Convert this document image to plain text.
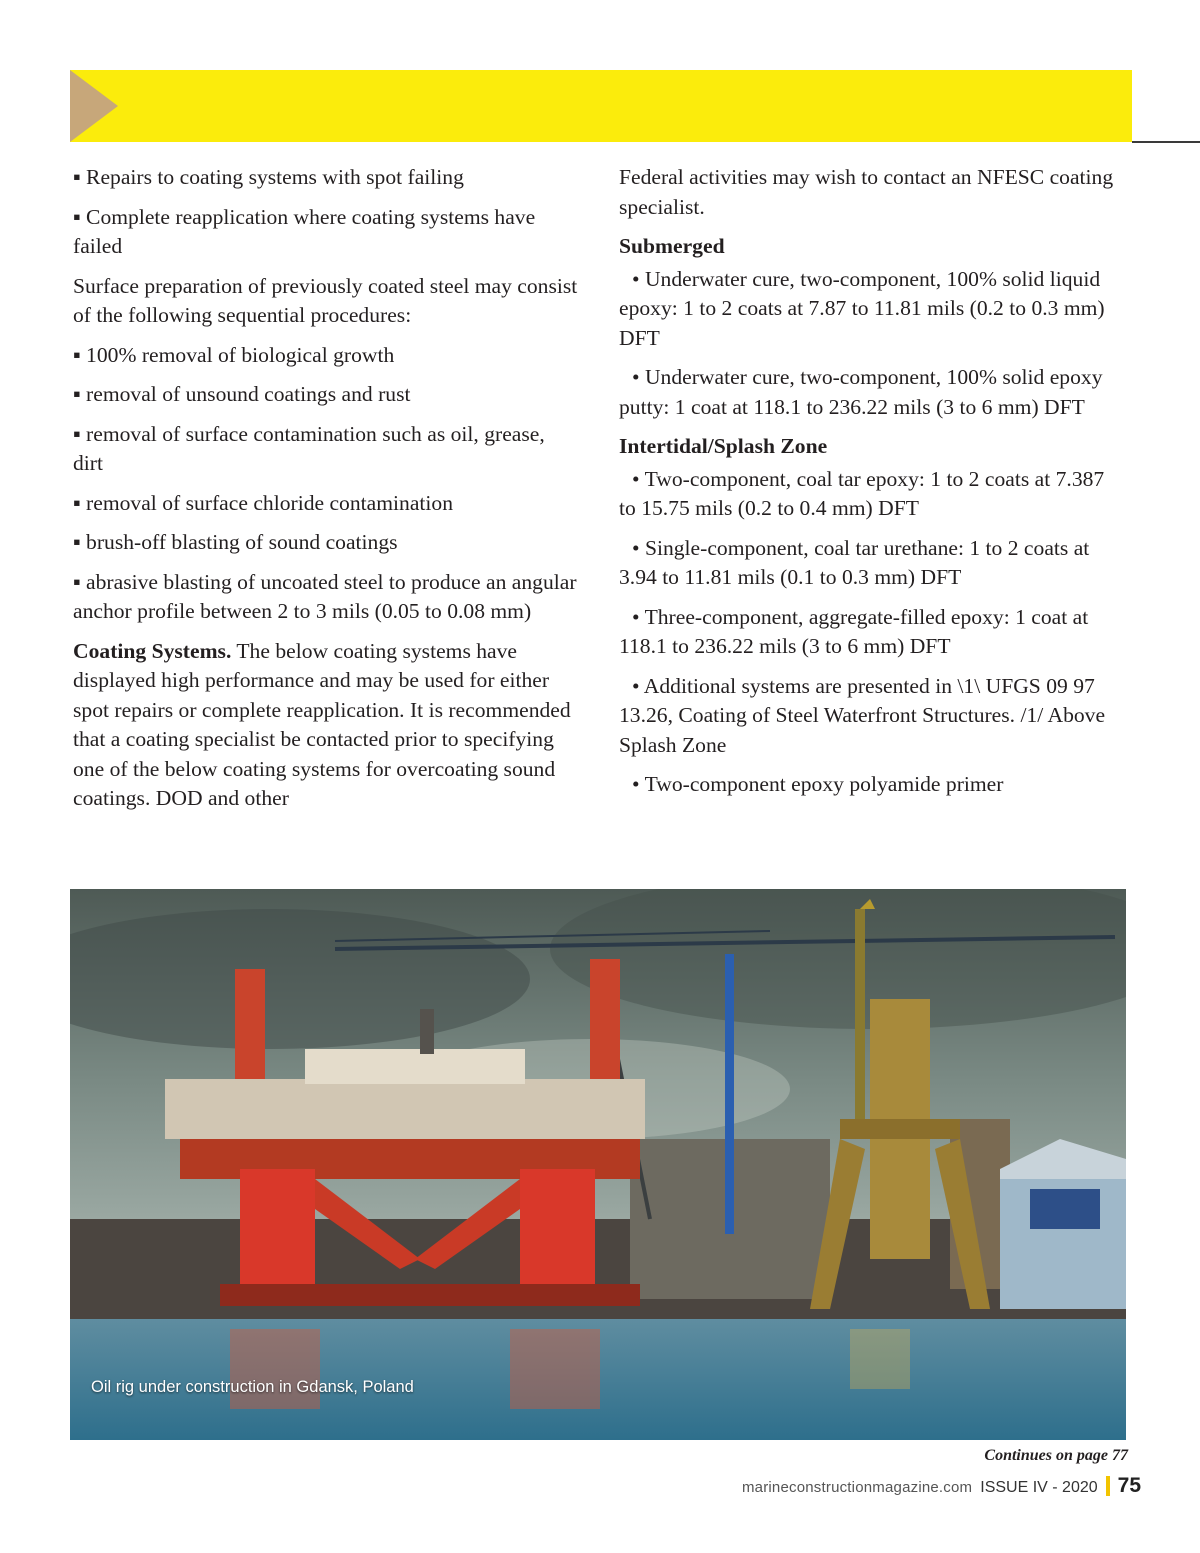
▪ Repairs to coating systems with spot failing

▪ Complete reapplication where coating systems have failed

Surface preparation of previously coated steel may consist of the following sequential procedures:

▪ 100% removal of biological growth

▪ removal of unsound coatings and rust

▪ removal of surface contamination such as oil, grease, dirt

▪ removal of surface chloride contamination

▪ brush-off blasting of sound coatings

▪ abrasive blasting of uncoated steel to produce an angular anchor profile between 2 to 3 mils (0.05 to 0.08 mm)

Coating Systems. The below coating systems have displayed high performance and may be used for either spot repairs or complete reapplication. It is recommended that a coating specialist be contacted prior to specifying one of the below coating systems for overcoating sound coatings. DOD and other

Federal activities may wish to contact an NFESC coating specialist.

Submerged

• Underwater cure, two-component, 100% solid liquid epoxy: 1 to 2 coats at 7.87 to 11.81 mils (0.2 to 0.3 mm) DFT

• Underwater cure, two-component, 100% solid epoxy putty: 1 coat at 118.1 to 236.22 mils (3 to 6 mm) DFT

Intertidal/Splash Zone

• Two-component, coal tar epoxy: 1 to 2 coats at 7.387 to 15.75 mils (0.2 to 0.4 mm) DFT

• Single-component, coal tar urethane: 1 to 2 coats at 3.94 to 11.81 mils (0.1 to 0.3 mm) DFT

• Three-component, aggregate-filled epoxy: 1 coat at 118.1 to 236.22 mils (3 to 6 mm) DFT

• Additional systems are presented in \1\ UFGS 09 97 13.26, Coating of Steel Waterfront Structures. /1/ Above Splash Zone

• Two-component epoxy polyamide primer

Oil rig under construction in Gdansk, Poland
Continues on page 77
marineconstructionmagazine.com ISSUE IV - 2020 75
